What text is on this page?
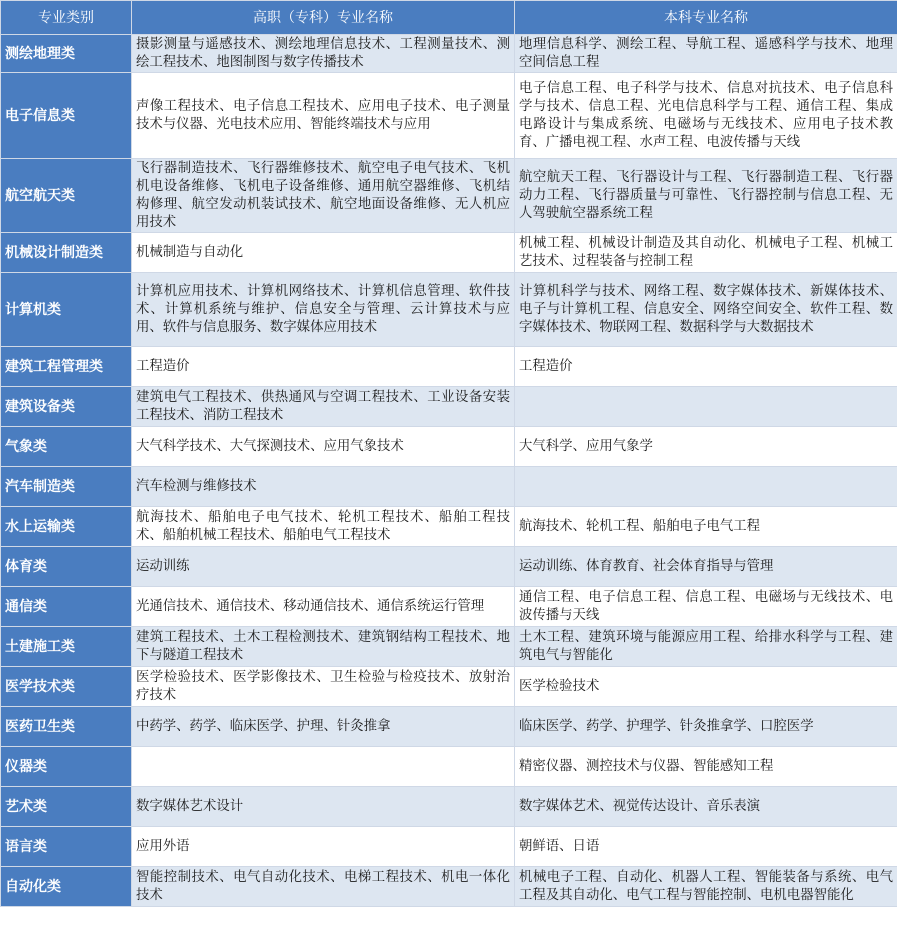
专业类别	高职（专科）专业名称	本科专业名称
测绘地理类	摄影测量与遥感技术、测绘地理信息技术、工程测量技术、测绘工程技术、地图制图与数字传播技术	地理信息科学、测绘工程、导航工程、遥感科学与技术、地理空间信息工程
电子信息类	声像工程技术、电子信息工程技术、应用电子技术、电子测量技术与仪器、光电技术应用、智能终端技术与应用	电子信息工程、电子科学与技术、信息对抗技术、电子信息科学与技术、信息工程、光电信息科学与工程、通信工程、集成电路设计与集成系统、电磁场与无线技术、应用电子技术教育、广播电视工程、水声工程、电波传播与天线
航空航天类	飞行器制造技术、飞行器维修技术、航空电子电气技术、飞机机电设备维修、飞机电子设备维修、通用航空器维修、飞机结构修理、航空发动机装试技术、航空地面设备维修、无人机应用技术	航空航天工程、飞行器设计与工程、飞行器制造工程、飞行器动力工程、飞行器质量与可靠性、飞行器控制与信息工程、无人驾驶航空器系统工程
机械设计制造类	机械制造与自动化	机械工程、机械设计制造及其自动化、机械电子工程、机械工艺技术、过程装备与控制工程
计算机类	计算机应用技术、计算机网络技术、计算机信息管理、软件技术、计算机系统与维护、信息安全与管理、云计算技术与应用、软件与信息服务、数字媒体应用技术	计算机科学与技术、网络工程、数字媒体技术、新媒体技术、电子与计算机工程、信息安全、网络空间安全、软件工程、数字媒体技术、物联网工程、数据科学与大数据技术
建筑工程管理类	工程造价	工程造价
建筑设备类	建筑电气工程技术、供热通风与空调工程技术、工业设备安装工程技术、消防工程技术	
气象类	大气科学技术、大气探测技术、应用气象技术	大气科学、应用气象学
汽车制造类	汽车检测与维修技术	
水上运输类	航海技术、船舶电子电气技术、轮机工程技术、船舶工程技术、船舶机械工程技术、船舶电气工程技术	航海技术、轮机工程、船舶电子电气工程
体育类	运动训练	运动训练、体育教育、社会体育指导与管理
通信类	光通信技术、通信技术、移动通信技术、通信系统运行管理	通信工程、电子信息工程、信息工程、电磁场与无线技术、电波传播与天线
土建施工类	建筑工程技术、土木工程检测技术、建筑钢结构工程技术、地下与隧道工程技术	土木工程、建筑环境与能源应用工程、给排水科学与工程、建筑电气与智能化
医学技术类	医学检验技术、医学影像技术、卫生检验与检疫技术、放射治疗技术	医学检验技术
医药卫生类	中药学、药学、临床医学、护理、针灸推拿	临床医学、药学、护理学、针灸推拿学、口腔医学
仪器类		精密仪器、测控技术与仪器、智能感知工程
艺术类	数字媒体艺术设计	数字媒体艺术、视觉传达设计、音乐表演
语言类	应用外语	朝鲜语、日语
自动化类	智能控制技术、电气自动化技术、电梯工程技术、机电一体化技术	机械电子工程、自动化、机器人工程、智能装备与系统、电气工程及其自动化、电气工程与智能控制、电机电器智能化
